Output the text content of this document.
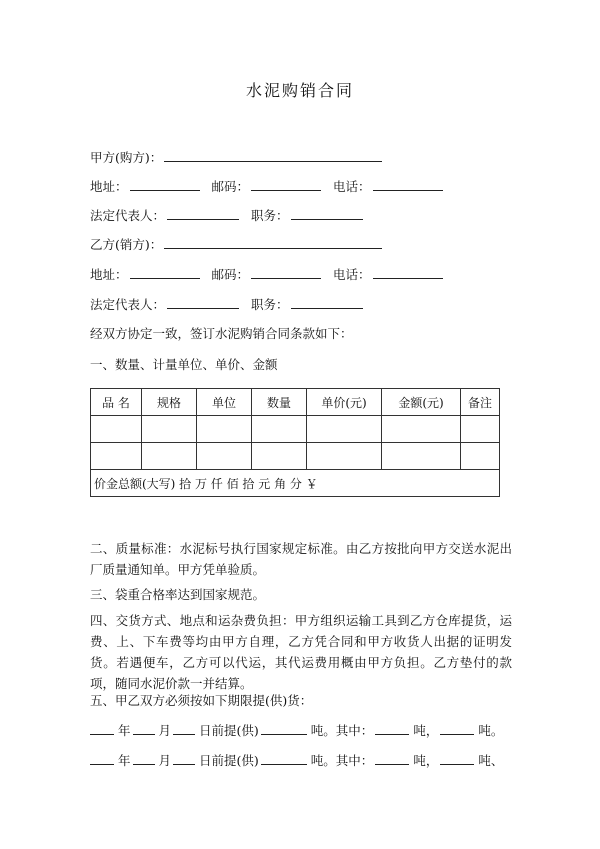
水泥购销合同
甲方(购方)：
地址：	邮码：	电话：
法定代表人：	职务：
乙方(销方)：
地址：	邮码：	电话：
法定代表人：	职务：
经双方协定一致，签订水泥购销合同条款如下：
一、数量、计量单位、单价、金额
品 名	规格	单位	数量	单价(元)	金额(元)	备注

价金总额(大写) 拾 万 仟 佰 拾 元 角 分 ￥						
二、质量标准：水泥标号执行国家规定标准。由乙方按批向甲方交送水泥出厂质量通知单。甲方凭单验质。
三、袋重合格率达到国家规范。
四、交货方式、地点和运杂费负担：甲方组织运输工具到乙方仓库提货，运费、上、下车费等均由甲方自理，乙方凭合同和甲方收货人出据的证明发货。若遇便车，乙方可以代运，其代运费用概由甲方负担。乙方垫付的款项，随同水泥价款一并结算。
五、甲乙双方必须按如下期限提(供)货：
年 月 日前提(供)	吨。其中：	吨，	吨。
年 月 日前提(供)	吨。其中：	吨，	吨、
